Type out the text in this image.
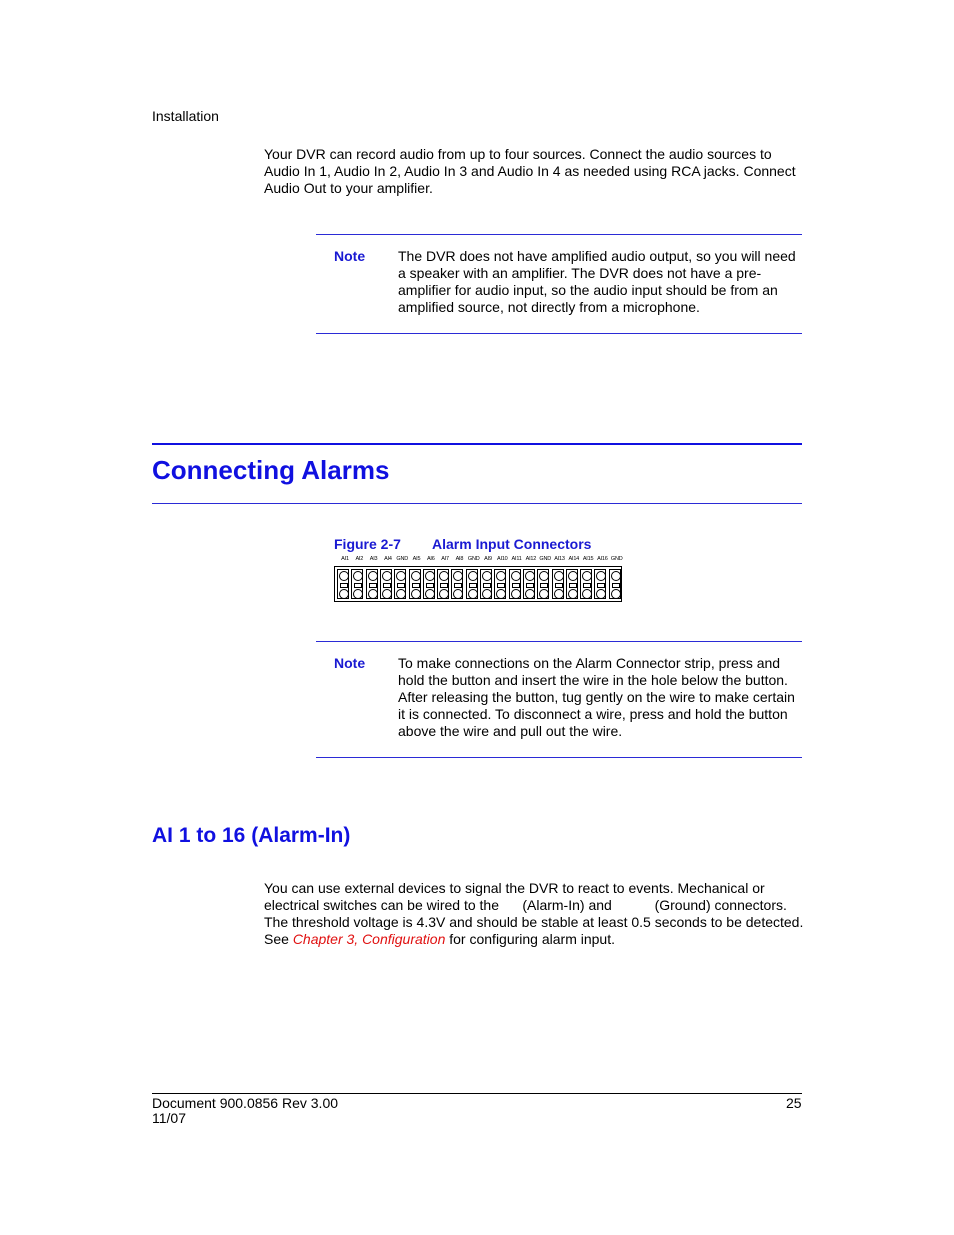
Installation
Your DVR can record audio from up to four sources. Connect the audio sources to Audio In 1, Audio In 2, Audio In 3 and Audio In 4 as needed using RCA jacks. Connect Audio Out to your amplifier.
Note The DVR does not have amplified audio output, so you will need a speaker with an amplifier. The DVR does not have a pre-amplifier for audio input, so the audio input should be from an amplified source, not directly from a microphone.
Connecting Alarms
Figure 2-7 Alarm Input Connectors
AI1	AI2	AI3	AI4 GND AI5	AI6	AI7	AI8 GND AI9 AI10 AI11 AI12 GND AI13 AI14 AI15 AI16 GND
Note To make connections on the Alarm Connector strip, press and hold the button and insert the wire in the hole below the button. After releasing the button, tug gently on the wire to make certain it is connected. To disconnect a wire, press and hold the button above the wire and pull out the wire.
AI 1 to 16 (Alarm-In)
You can use external devices to signal the DVR to react to events. Mechanical or
electrical switches can be wired to the      (Alarm-In) and           (Ground) connectors.
The threshold voltage is 4.3V and should be stable at least 0.5 seconds to be detected.
See Chapter 3, Configuration for configuring alarm input.
Document 900.0856 Rev 3.00
11/07
25
